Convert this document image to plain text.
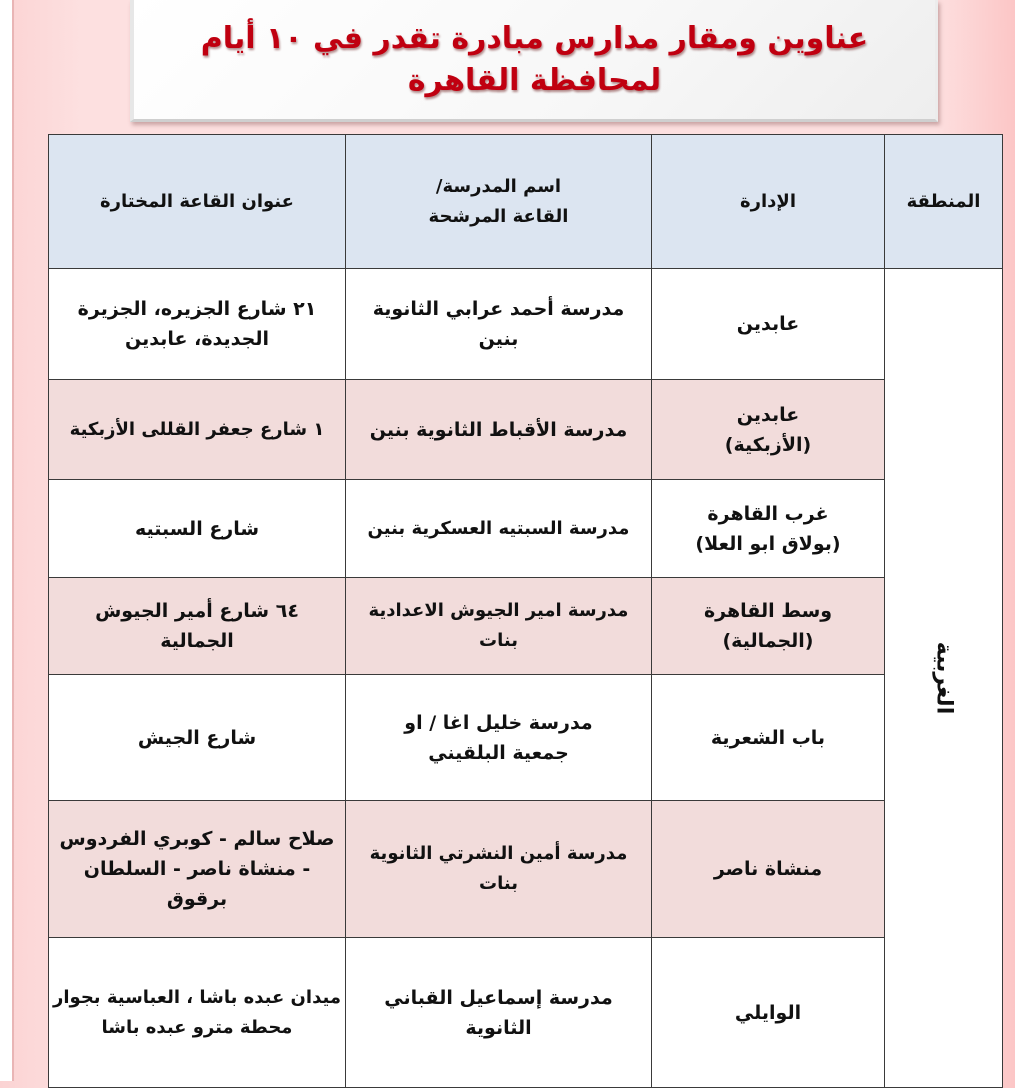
عناوين ومقار مدارس مبادرة تقدر في ١٠ أيام
لمحافظة القاهرة
المنطقة	الإدارة	اسم المدرسة/ القاعة المرشحة	عنوان القاعة المختارة
الغربية	عابدين	مدرسة أحمد عرابي الثانوية بنين	٢١ شارع الجزيره، الجزيرة الجديدة، عابدين
	عابدين (الأزبكية)	مدرسة الأقباط الثانوية بنين	١ شارع جعفر القللى الأزبكية
	غرب القاهرة (بولاق ابو العلا)	مدرسة السبتيه العسكرية بنين	شارع السبتيه
	وسط القاهرة (الجمالية)	مدرسة امير الجيوش الاعدادية بنات	٦٤ شارع أمير الجيوش الجمالية
	باب الشعرية	مدرسة خليل اغا / او جمعية البلقيني	شارع الجيش
	منشاة ناصر	مدرسة أمين النشرتي الثانوية بنات	صلاح سالم - كوبري الفردوس - منشاة ناصر - السلطان برقوق
	الوايلي	مدرسة إسماعيل القباني الثانوية	ميدان عبده باشا ، العباسية بجوار محطة مترو عبده باشا
